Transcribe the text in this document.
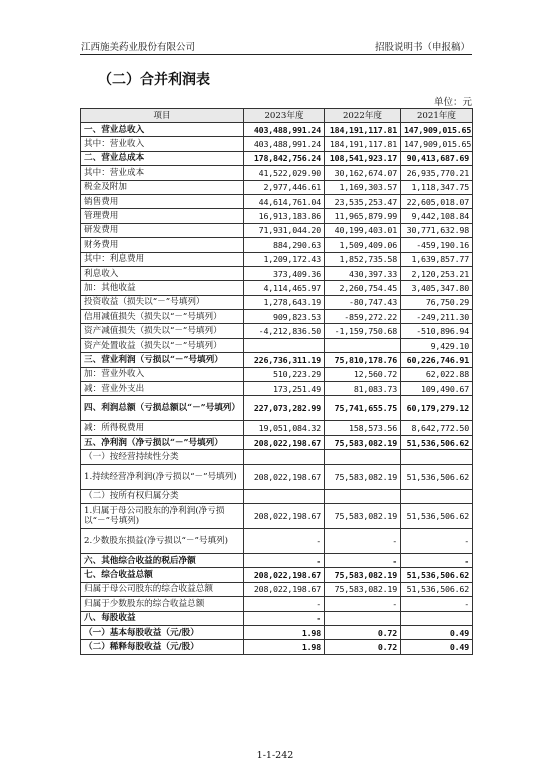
江西施美药业股份有限公司	招股说明书（申报稿）
（二）合并利润表
单位：元
项目	2023年度	2022年度	2021年度
一、营业总收入	403,488,991.24	184,191,117.81	147,909,015.65
其中：营业收入	403,488,991.24	184,191,117.81	147,909,015.65
二、营业总成本	178,842,756.24	108,541,923.17	90,413,687.69
其中：营业成本	41,522,029.90	30,162,674.07	26,935,770.21
税金及附加	2,977,446.61	1,169,303.57	1,118,347.75
销售费用	44,614,761.04	23,535,253.47	22,605,018.07
管理费用	16,913,183.86	11,965,879.99	9,442,108.84
研发费用	71,931,044.20	40,199,403.01	30,771,632.98
财务费用	884,290.63	1,509,409.06	-459,190.16
其中：利息费用	1,209,172.43	1,852,735.58	1,639,857.77
利息收入	373,409.36	430,397.33	2,120,253.21
加：其他收益	4,114,465.97	2,260,754.45	3,405,347.80
投资收益（损失以“－”号填列）	1,278,643.19	-80,747.43	76,750.29
信用减值损失（损失以“－”号填列）	909,823.53	-859,272.22	-249,211.30
资产减值损失（损失以“－”号填列）	-4,212,836.50	-1,159,750.68	-510,896.94
资产处置收益（损失以“－”号填列）			9,429.10
三、营业利润（亏损以“－”号填列）	226,736,311.19	75,810,178.76	60,226,746.91
加：营业外收入	510,223.29	12,560.72	62,022.88
减：营业外支出	173,251.49	81,083.73	109,490.67
四、利润总额（亏损总额以“－”号填列）	227,073,282.99	75,741,655.75	60,179,279.12
减：所得税费用	19,051,084.32	158,573.56	8,642,772.50
五、净利润（净亏损以“－”号填列）	208,022,198.67	75,583,082.19	51,536,506.62
（一）按经营持续性分类			
1.持续经营净利润(净亏损以“－”号填列)	208,022,198.67	75,583,082.19	51,536,506.62
（二）按所有权归属分类			
1.归属于母公司股东的净利润(净亏损以“－”号填列)	208,022,198.67	75,583,082.19	51,536,506.62
2.少数股东损益(净亏损以“－”号填列)	-	-	-
六、其他综合收益的税后净额	-	-	-
七、综合收益总额	208,022,198.67	75,583,082.19	51,536,506.62
归属于母公司股东的综合收益总额	208,022,198.67	75,583,082.19	51,536,506.62
归属于少数股东的综合收益总额	-	-	-
八、每股收益	-		
（一）基本每股收益（元/股）	1.98	0.72	0.49
（二）稀释每股收益（元/股）	1.98	0.72	0.49
1-1-242
